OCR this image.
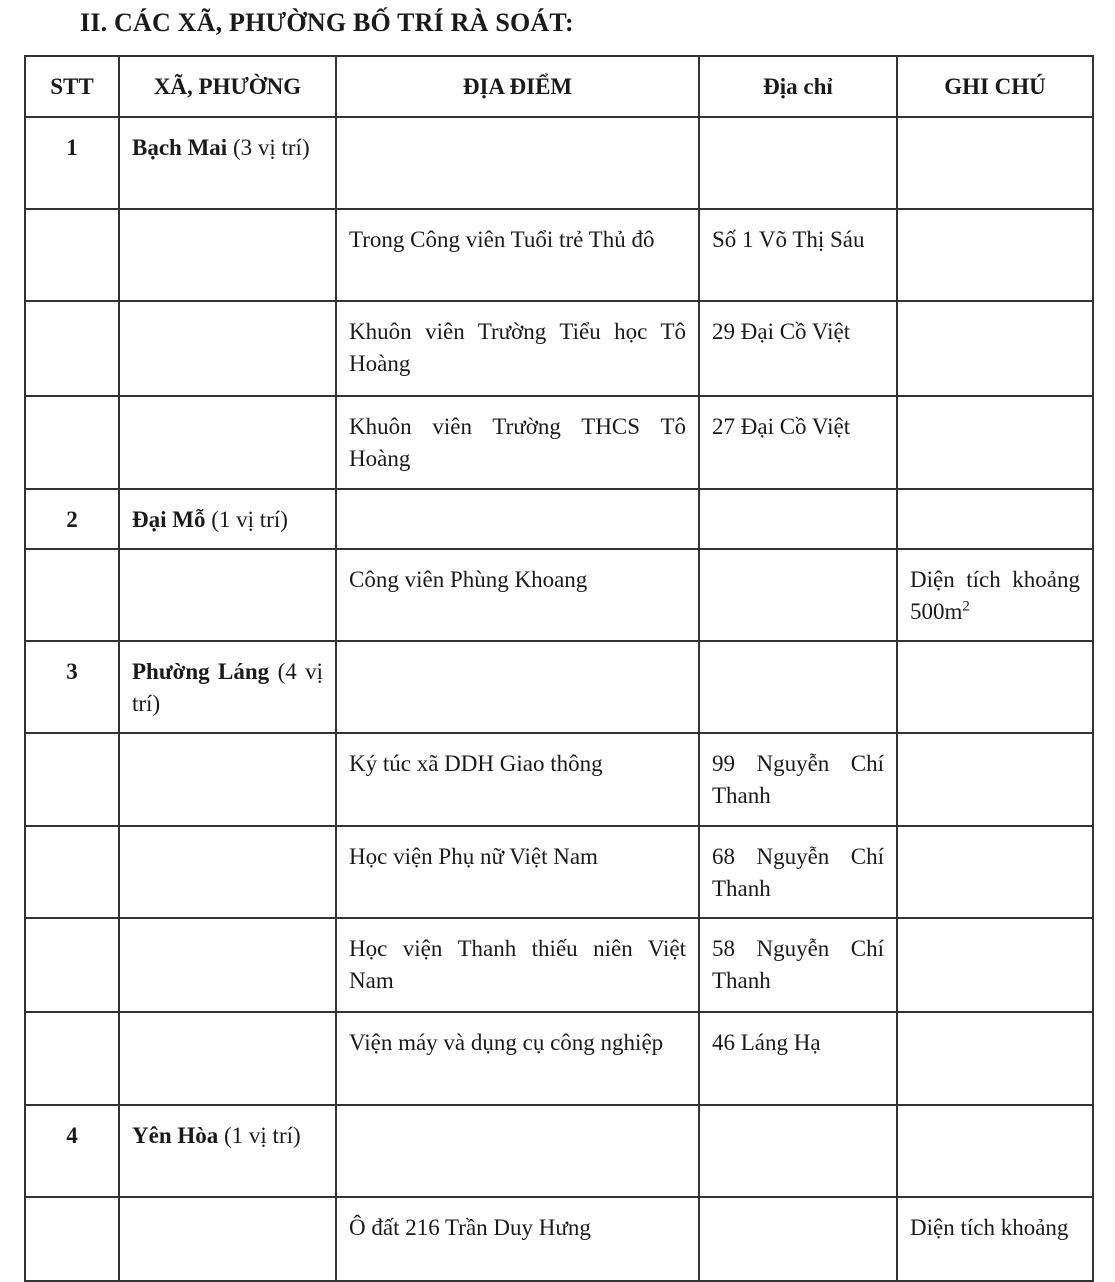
II. CÁC XÃ, PHƯỜNG BỐ TRÍ RÀ SOÁT:
STT	XÃ, PHƯỜNG	ĐỊA ĐIỂM	Địa chỉ	GHI CHÚ
1	Bạch Mai (3 vị trí)			
		Trong Công viên Tuổi trẻ Thủ đô	Số 1 Võ Thị Sáu	
		Khuôn viên Trường Tiểu học Tô Hoàng	29 Đại Cồ Việt	
		Khuôn viên Trường THCS Tô Hoàng	27 Đại Cồ Việt	
2	Đại Mỗ (1 vị trí)			
		Công viên Phùng Khoang		Diện tích khoảng $500m^2$
3	Phường Láng (4 vị trí)			
		Ký túc xã DDH Giao thông	99 Nguyễn Chí Thanh	
		Học viện Phụ nữ Việt Nam	68 Nguyễn Chí Thanh	
		Học viện Thanh thiếu niên Việt Nam	58 Nguyễn Chí Thanh	
		Viện máy và dụng cụ công nghiệp	46 Láng Hạ	
4	Yên Hòa (1 vị trí)			
		Ô đất 216 Trần Duy Hưng		Diện tích khoảng
